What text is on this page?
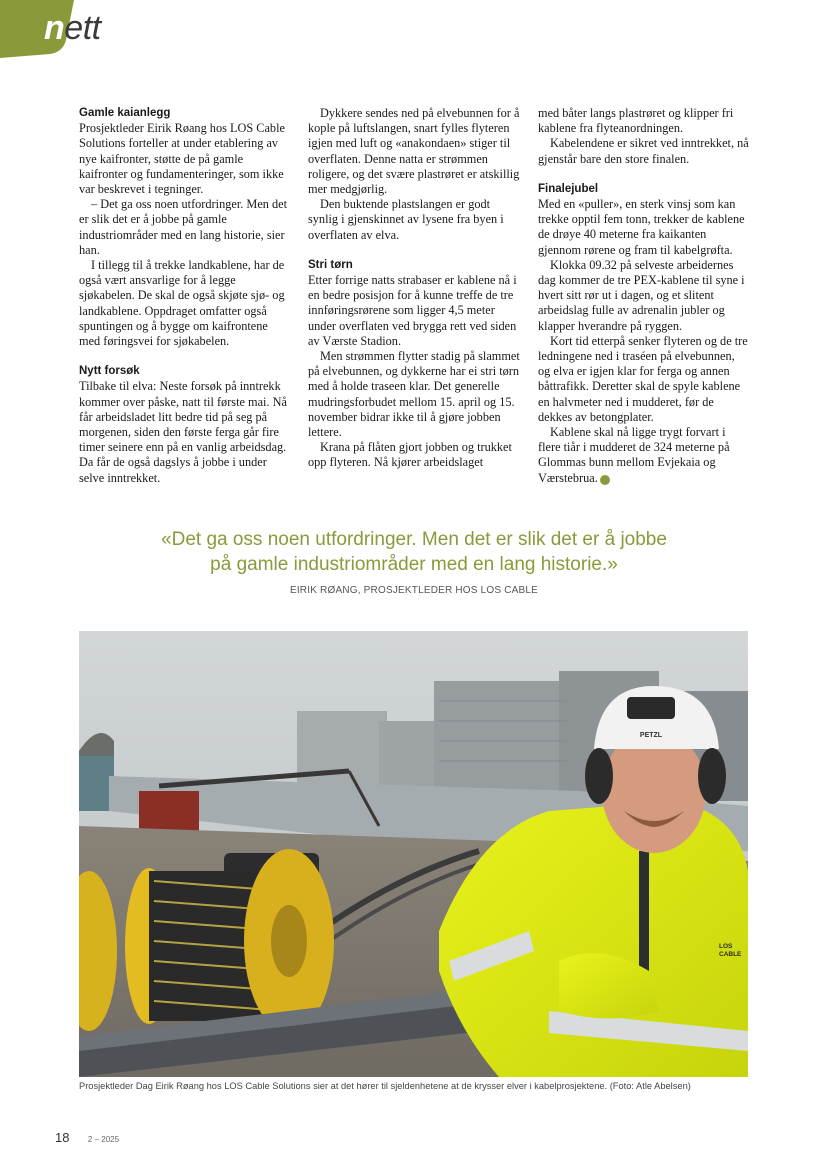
nett
Gamle kaianlegg

Prosjektleder Eirik Røang hos LOS Cable Solutions forteller at under etablering av nye kaifronter, støtte de på gamle kaifronter og fundamenteringer, som ikke var beskrevet i tegninger.

– Det ga oss noen utfordringer. Men det er slik det er å jobbe på gamle industriområder med en lang historie, sier han.

I tillegg til å trekke landkablene, har de også vært ansvarlige for å legge sjøkabelen. De skal de også skjøte sjø- og landkablene. Oppdraget omfatter også spuntingen og å bygge om kaifrontene med føringsvei for sjøkabelen.

Nytt forsøk

Tilbake til elva: Neste forsøk på inntrekk kommer over påske, natt til første mai. Nå får arbeidsladet litt bedre tid på seg på morgenen, siden den første ferga går fire timer seinere enn på en vanlig arbeidsdag. Da får de også dagslys å jobbe i under selve inntrekket.

Dykkere sendes ned på elvebunnen for å kople på luftslangen, snart fylles flyteren igjen med luft og «anakondaen» stiger til overflaten. Denne natta er strømmen roligere, og det svære plastrøret er atskillig mer medgjørlig.

Den buktende plastslangen er godt synlig i gjenskinnet av lysene fra byen i overflaten av elva.

Stri tørn

Etter forrige natts strabaser er kablene nå i en bedre posisjon for å kunne treffe de tre innføringsrørene som ligger 4,5 meter under overflaten ved brygga rett ved siden av Værste Stadion.

Men strømmen flytter stadig på slammet på elvebunnen, og dykkerne har ei stri tørn med å holde traseen klar. Det generelle mudringsforbudet mellom 15. april og 15. november bidrar ikke til å gjøre jobben lettere.

Krana på flåten gjort jobben og trukket opp flyteren. Nå kjører arbeidslaget

med båter langs plastrøret og klipper fri kablene fra flyteanordningen.

Kabelendene er sikret ved inntrekket, nå gjenstår bare den store finalen.

Finalejubel

Med en «puller», en sterk vinsj som kan trekke opptil fem tonn, trekker de kablene de drøye 40 meterne fra kaikanten gjennom rørene og fram til kabelgrøfta.

Klokka 09.32 på selveste arbeidernes dag kommer de tre PEX-kablene til syne i hvert sitt rør ut i dagen, og et slitent arbeidslag fulle av adrenalin jubler og klapper hverandre på ryggen.

Kort tid etterpå senker flyteren og de tre ledningene ned i traséen på elvebunnen, og elva er igjen klar for ferga og annen båttrafikk. Deretter skal de spyle kablene en halvmeter ned i mudderet, før de dekkes av betongplater.

Kablene skal nå ligge trygt forvart i flere tiår i mudderet de 324 meterne på Glommas bunn mellom Evjekaia og Værstebrua. e

«Det ga oss noen utfordringer. Men det er slik det er å jobbe
på gamle industriområder med en lang historie.»
EIRIK RØANG, PROSJEKTLEDER HOS LOS CABLE
PETZL
LOS CABLE
Prosjektleder Dag Eirik Røang hos LOS Cable Solutions sier at det hører til sjeldenhetene at de krysser elver i kabelprosjektene. (Foto: Atle Abelsen)
18 2 – 2025
